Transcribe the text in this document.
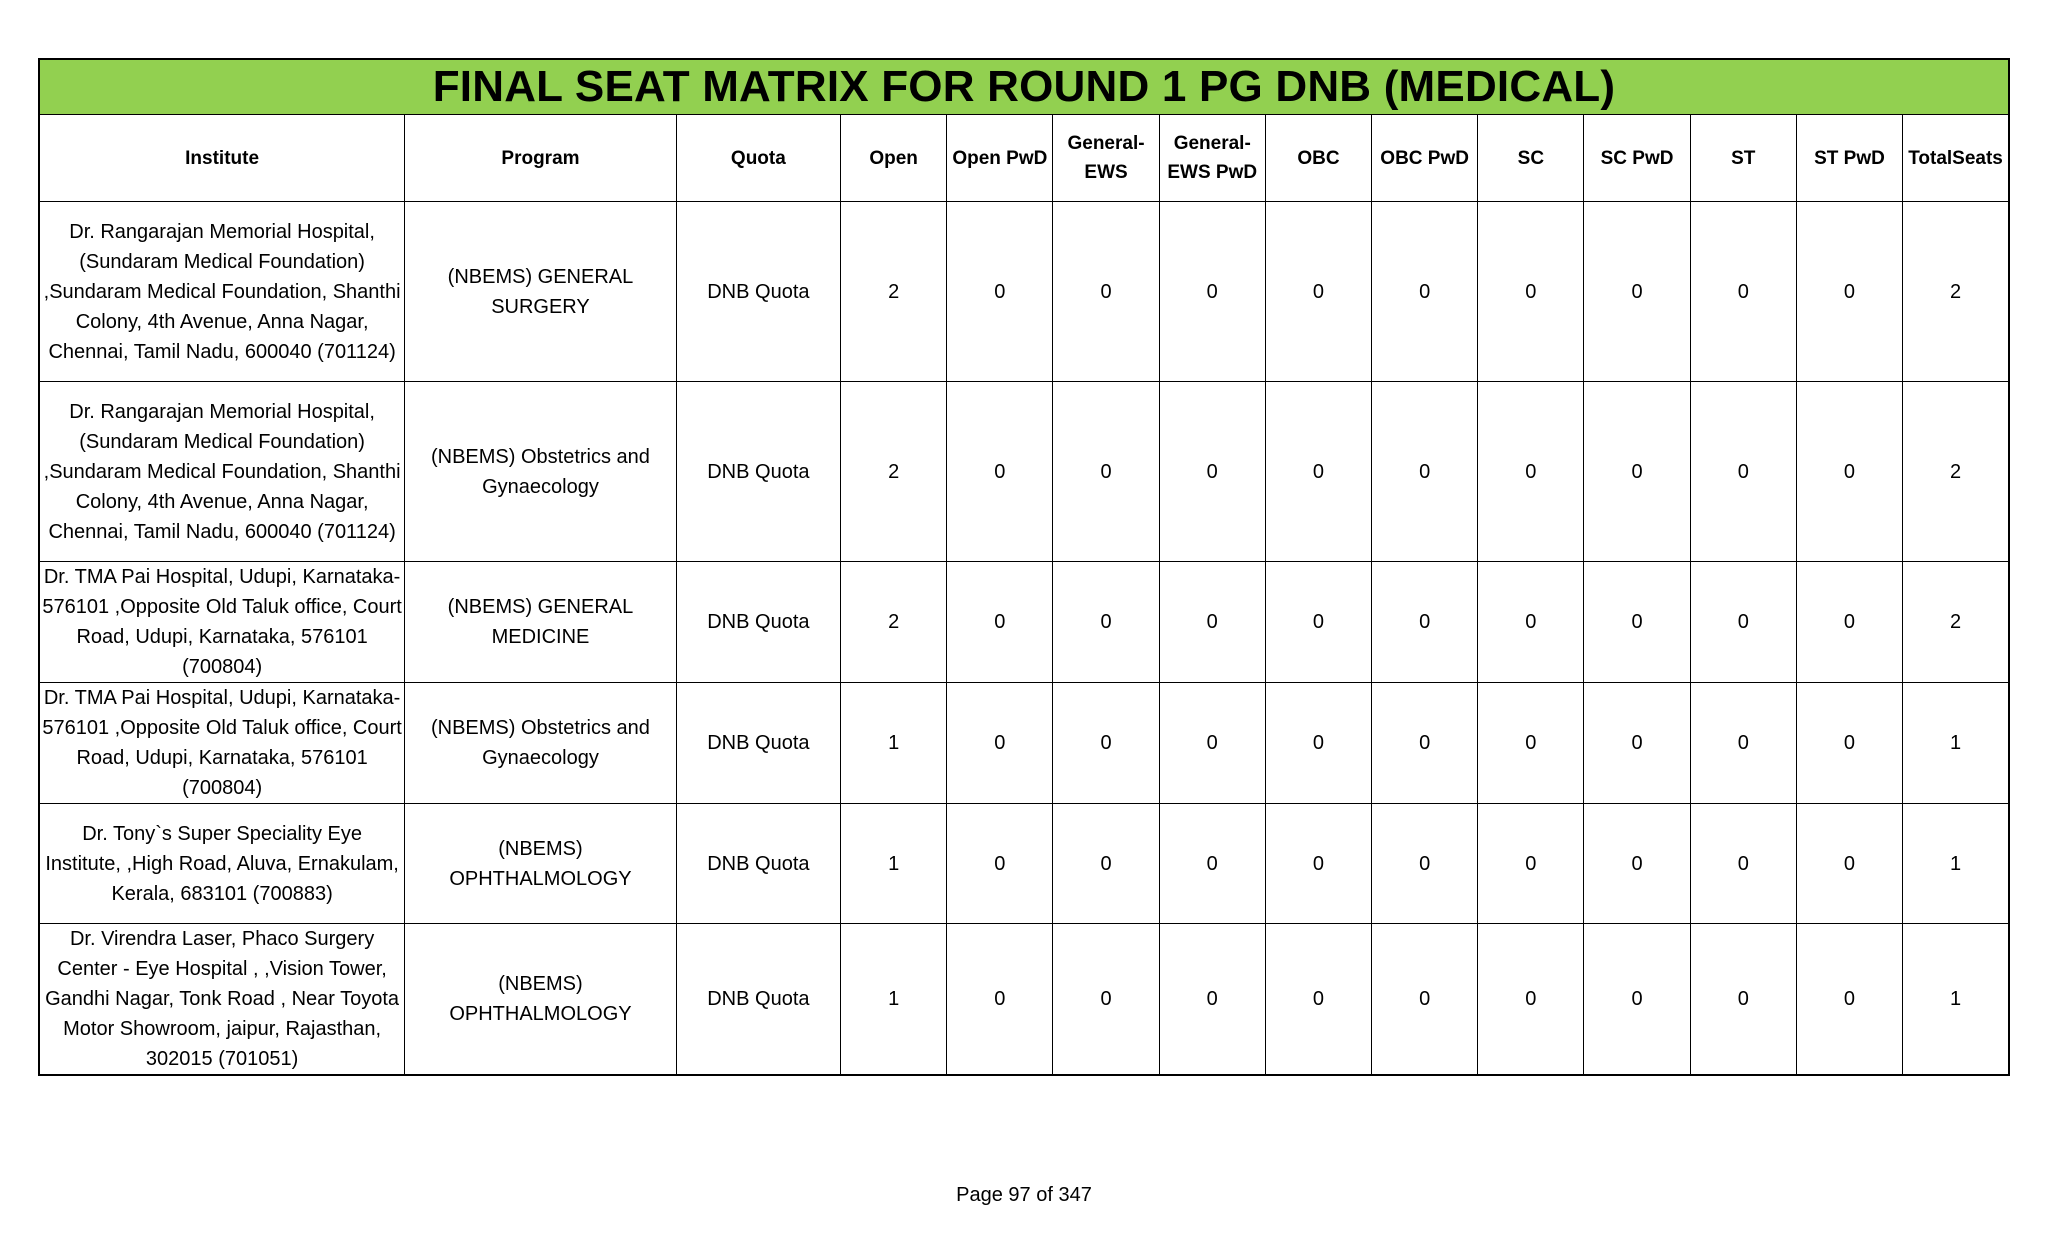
FINAL SEAT MATRIX FOR ROUND 1 PG DNB (MEDICAL)													
Institute	Program	Quota	Open	Open PwD	General-EWS	General-EWS PwD	OBC	OBC PwD	SC	SC PwD	ST	ST PwD	TotalSeats
Dr. Rangarajan Memorial Hospital, (Sundaram Medical Foundation) ,Sundaram Medical Foundation, Shanthi Colony, 4th Avenue, Anna Nagar, Chennai, Tamil Nadu, 600040 (701124)	(NBEMS) GENERAL SURGERY	DNB Quota	2	0	0	0	0	0	0	0	0	0	2
Dr. Rangarajan Memorial Hospital, (Sundaram Medical Foundation) ,Sundaram Medical Foundation, Shanthi Colony, 4th Avenue, Anna Nagar, Chennai, Tamil Nadu, 600040 (701124)	(NBEMS) Obstetrics and Gynaecology	DNB Quota	2	0	0	0	0	0	0	0	0	0	2
Dr. TMA Pai Hospital, Udupi, Karnataka-576101 ,Opposite Old Taluk office, Court Road, Udupi, Karnataka, 576101 (700804)	(NBEMS) GENERAL MEDICINE	DNB Quota	2	0	0	0	0	0	0	0	0	0	2
Dr. TMA Pai Hospital, Udupi, Karnataka-576101 ,Opposite Old Taluk office, Court Road, Udupi, Karnataka, 576101 (700804)	(NBEMS) Obstetrics and Gynaecology	DNB Quota	1	0	0	0	0	0	0	0	0	0	1
Dr. Tony`s Super Speciality Eye Institute, ,High Road, Aluva, Ernakulam, Kerala, 683101 (700883)	(NBEMS) OPHTHALMOLOGY	DNB Quota	1	0	0	0	0	0	0	0	0	0	1
Dr. Virendra Laser, Phaco Surgery Center - Eye Hospital , ,Vision Tower, Gandhi Nagar, Tonk Road , Near Toyota Motor Showroom, jaipur, Rajasthan, 302015 (701051)	(NBEMS) OPHTHALMOLOGY	DNB Quota	1	0	0	0	0	0	0	0	0	0	1
Page 97 of 347
